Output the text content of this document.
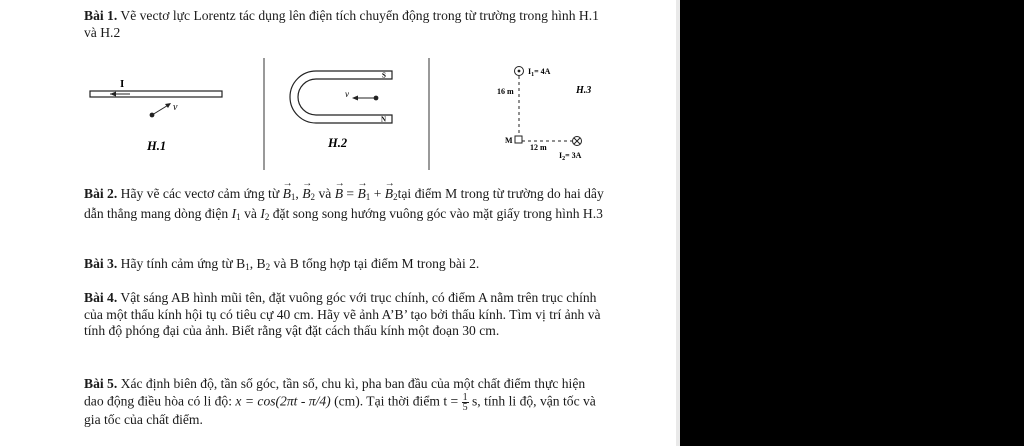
Bài 1. Vẽ vectơ lực Lorentz tác dụng lên điện tích chuyển động trong từ trường trong hình H.1 và H.2

I
v
H.1
S
N
v
H.2
$I_1= 4A$
16 m	H.3
M
12 m
$I_2= 3A$

Bài 2. Hãy vẽ các vectơ cảm ứng từ → $B_1$, → $B_2$ và → B = → $B_1$ + → $B_2tại$ điểm M trong từ trường do hai dây dẫn thẳng mang dòng điện $I_1$ và $I_2$ đặt song song hướng vuông góc vào mặt giấy trong hình H.3

Bài 3. Hãy tính cảm ứng từ $B_1$, $B_2$ và B tổng hợp tại điểm M trong bài 2.

Bài 4. Vật sáng AB hình mũi tên, đặt vuông góc với trục chính, có điểm A nằm trên trục chính của một thấu kính hội tụ có tiêu cự 40 cm. Hãy vẽ ảnh A’B’ tạo bởi thấu kính. Tìm vị trí ảnh và tính độ phóng đại của ảnh. Biết rằng vật đặt cách thấu kính một đoạn 30 cm.

Bài 5. Xác định biên độ, tần số góc, tần số, chu kì, pha ban đầu của một chất điểm thực hiện dao động điều hòa có li độ: x = cos(2πt - π/4) (cm). Tại thời điểm $t = \frac{1}{5} s$, tính li độ, vận tốc và gia tốc của chất điểm.
